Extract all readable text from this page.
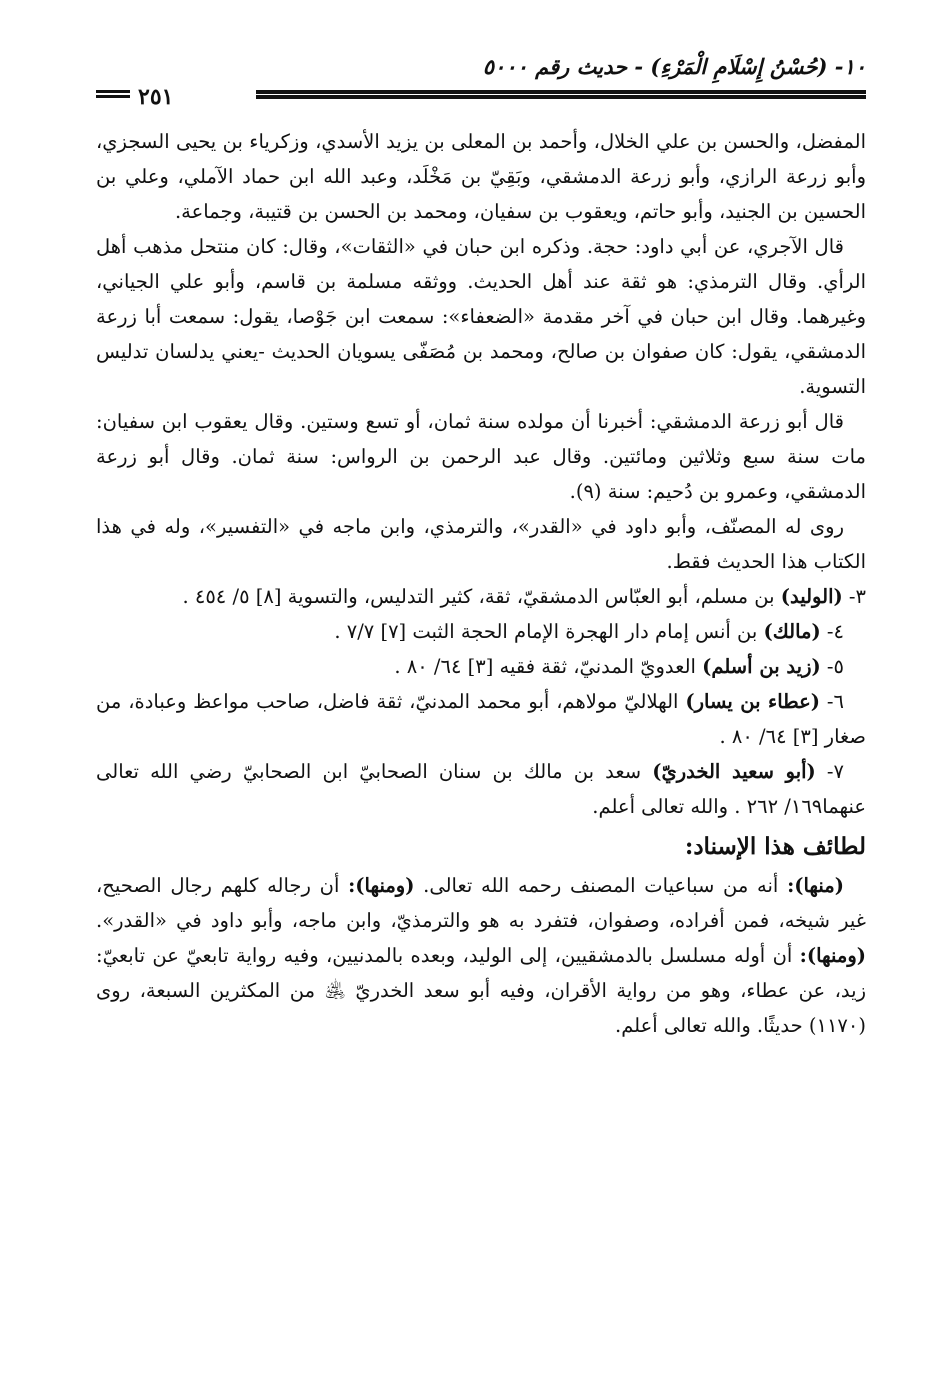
١٠- (حُسْنُ إِسْلَامِ الْمَرْءِ) - حديث رقم ٥٠٠٠
٢٥١

المفضل، والحسن بن علي الخلال، وأحمد بن المعلى بن يزيد الأسدي، وزكرياء بن يحيى السجزي، وأبو زرعة الرازي، وأبو زرعة الدمشقي، وبَقِيّ بن مَخْلَد، وعبد الله ابن حماد الآملي، وعلي بن الحسين بن الجنيد، وأبو حاتم، ويعقوب بن سفيان، ومحمد بن الحسن بن قتيبة، وجماعة.

قال الآجري، عن أبي داود: حجة. وذكره ابن حبان في «الثقات»، وقال: كان منتحل مذهب أهل الرأي. وقال الترمذي: هو ثقة عند أهل الحديث. ووثقه مسلمة بن قاسم، وأبو علي الجياني، وغيرهما. وقال ابن حبان في آخر مقدمة «الضعفاء»: سمعت ابن جَوْصا، يقول: سمعت أبا زرعة الدمشقي، يقول: كان صفوان بن صالح، ومحمد بن مُصَفّى يسويان الحديث -يعني يدلسان تدليس التسوية.

قال أبو زرعة الدمشقي: أخبرنا أن مولده سنة ثمان، أو تسع وستين. وقال يعقوب ابن سفيان: مات سنة سبع وثلاثين ومائتين. وقال عبد الرحمن بن الرواس: سنة ثمان. وقال أبو زرعة الدمشقي، وعمرو بن دُحيم: سنة (٩).

روى له المصنّف، وأبو داود في «القدر»، والترمذي، وابن ماجه في «التفسير»، وله في هذا الكتاب هذا الحديث فقط.

٣- (الوليد) بن مسلم، أبو العبّاس الدمشقيّ، ثقة، كثير التدليس، والتسوية [٨] ٥/ ٤٥٤ .

٤- (مالك) بن أنس إمام دار الهجرة الإمام الحجة الثبت [٧] ٧/٧ .

٥- (زيد بن أسلم) العدويّ المدنيّ، ثقة فقيه [٣] ٦٤/ ٨٠ .

٦- (عطاء بن يسار) الهلاليّ مولاهم، أبو محمد المدنيّ، ثقة فاضل، صاحب مواعظ وعبادة، من صغار [٣] ٦٤/ ٨٠ .

٧- (أبو سعيد الخدريّ) سعد بن مالك بن سنان الصحابيّ ابن الصحابيّ رضي الله تعالى عنهما١٦٩/ ٢٦٢ . والله تعالى أعلم.

لطائف هذا الإسناد:

(منها): أنه من سباعيات المصنف رحمه الله تعالى. (ومنها): أن رجاله كلهم رجال الصحيح، غير شيخه، فمن أفراده، وصفوان، فتفرد به هو والترمذيّ، وابن ماجه، وأبو داود في «القدر». (ومنها): أن أوله مسلسل بالدمشقيين، إلى الوليد، وبعده بالمدنيين، وفيه رواية تابعيّ عن تابعيّ: زيد، عن عطاء، وهو من رواية الأقران، وفيه أبو سعد الخدريّ ﵁ من المكثرين السبعة، روى (١١٧٠) حديثًا. والله تعالى أعلم.
